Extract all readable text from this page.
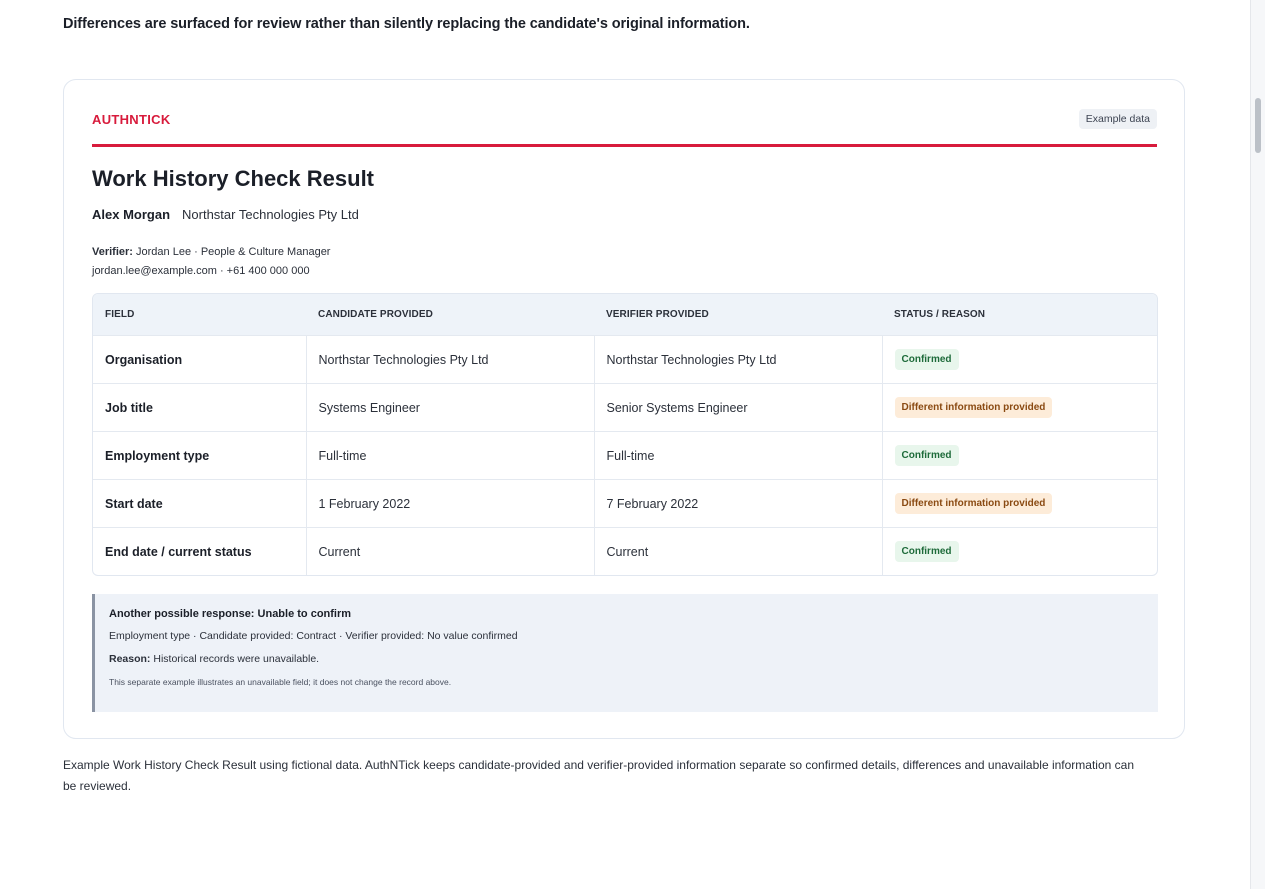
Differences are surfaced for review rather than silently replacing the candidate's original information.
AUTHNTICK	Example data
Work History Check Result
Alex Morgan Northstar Technologies Pty Ltd
Verifier: Jordan Lee · People & Culture Manager
jordan.lee@example.com · +61 400 000 000
FIELD	CANDIDATE PROVIDED	VERIFIER PROVIDED	STATUS / REASON
Organisation	Northstar Technologies Pty Ltd	Northstar Technologies Pty Ltd	Confirmed
Job title	Systems Engineer	Senior Systems Engineer	Different information provided
Employment type	Full-time	Full-time	Confirmed
Start date	1 February 2022	7 February 2022	Different information provided
End date / current status	Current	Current	Confirmed
Another possible response: Unable to confirm
Employment type · Candidate provided: Contract · Verifier provided: No value confirmed
Reason: Historical records were unavailable.
This separate example illustrates an unavailable field; it does not change the record above.
Example Work History Check Result using fictional data. AuthNTick keeps candidate-provided and verifier-provided information separate so confirmed details, differences and unavailable information can be reviewed.
